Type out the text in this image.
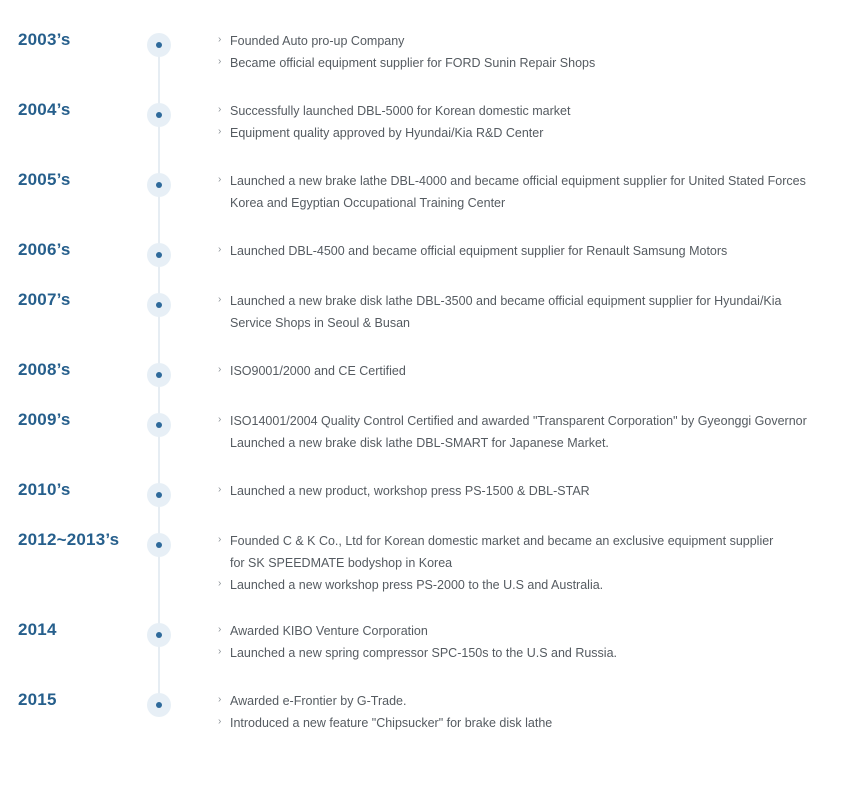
2003’s	› Founded Auto pro-up Company
› Became official equipment supplier for FORD Sunin Repair Shops
2004’s	› Successfully launched DBL-5000 for Korean domestic market
› Equipment quality approved by Hyundai/Kia R&D Center
2005’s	› Launched a new brake lathe DBL-4000 and became official equipment supplier for United Stated Forces
Korea and Egyptian Occupational Training Center
2006’s	› Launched DBL-4500 and became official equipment supplier for Renault Samsung Motors
2007’s	› Launched a new brake disk lathe DBL-3500 and became official equipment supplier for Hyundai/Kia
Service Shops in Seoul & Busan
2008’s	› ISO9001/2000 and CE Certified
2009’s	› ISO14001/2004 Quality Control Certified and awarded "Transparent Corporation" by Gyeonggi Governor
Launched a new brake disk lathe DBL-SMART for Japanese Market.
2010’s	› Launched a new product, workshop press PS-1500 & DBL-STAR
2012~2013’s	› Founded C & K Co., Ltd for Korean domestic market and became an exclusive equipment supplier
for SK SPEEDMATE bodyshop in Korea
› Launched a new workshop press PS-2000 to the U.S and Australia.
2014	› Awarded KIBO Venture Corporation
› Launched a new spring compressor SPC-150s to the U.S and Russia.
2015	› Awarded e-Frontier by G-Trade.
› Introduced a new feature "Chipsucker" for brake disk lathe
